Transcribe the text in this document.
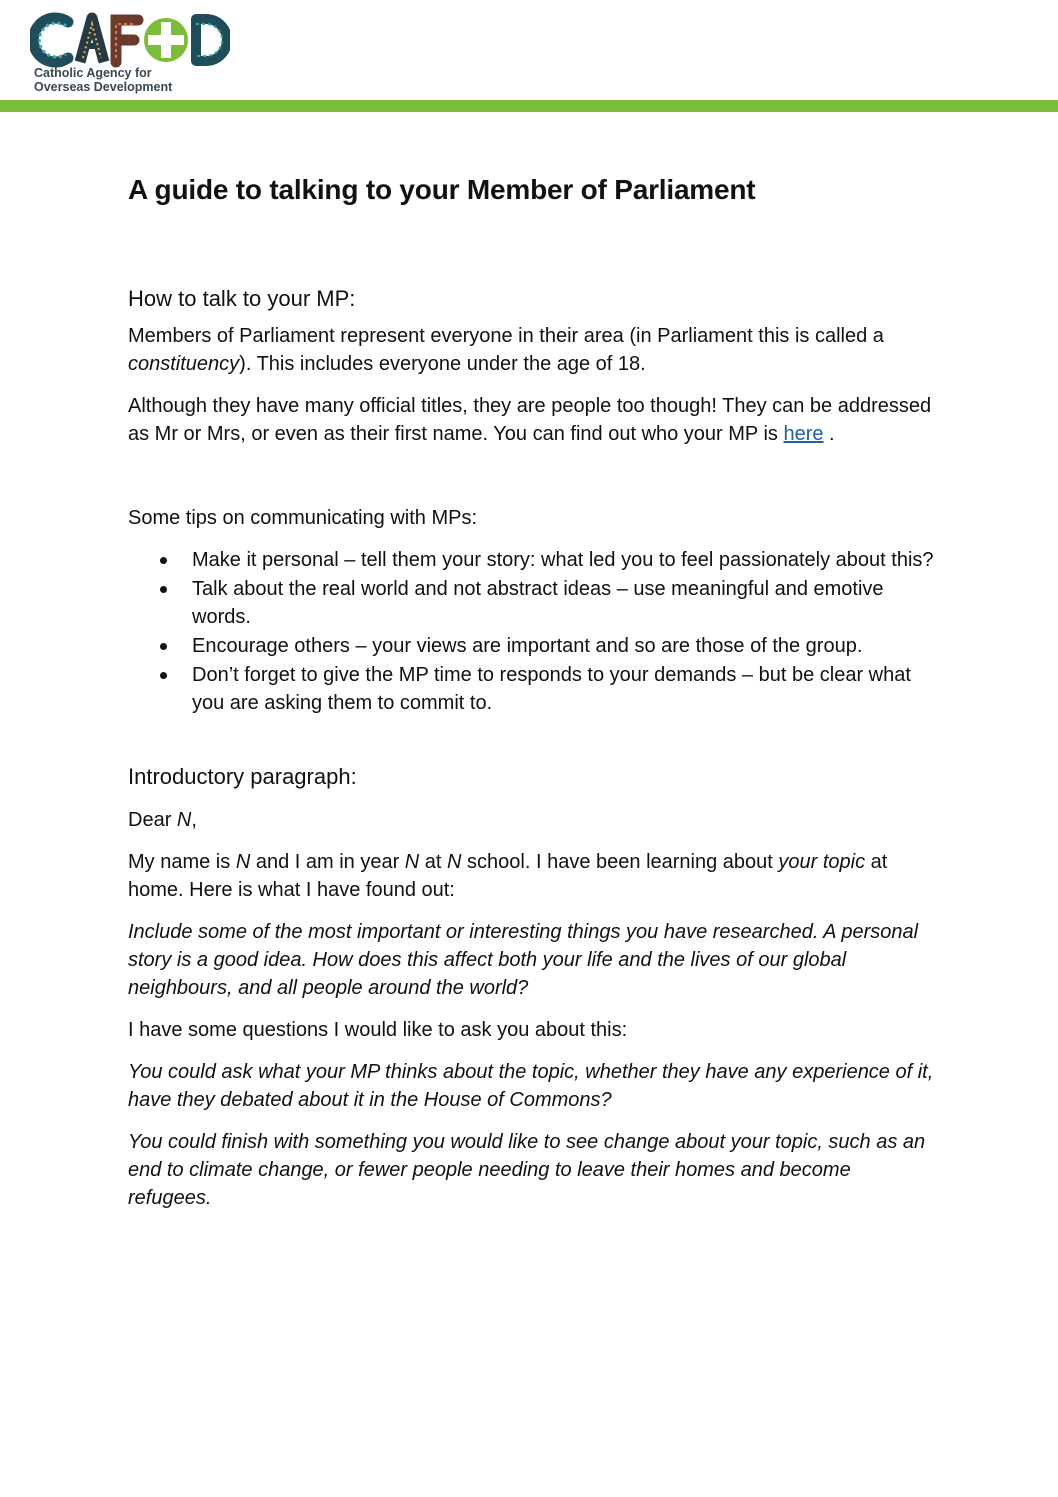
Catholic Agency for
Overseas Development
A guide to talking to your Member of Parliament
How to talk to your MP:

Members of Parliament represent everyone in their area (in Parliament this is called a constituency). This includes everyone under the age of 18.

Although they have many official titles, they are people too though! They can be addressed as Mr or Mrs, or even as their first name. You can find out who your MP is here .

Some tips on communicating with MPs:

Make it personal – tell them your story: what led you to feel passionately about this?
Talk about the real world and not abstract ideas – use meaningful and emotive words.
Encourage others – your views are important and so are those of the group.
Don’t forget to give the MP time to responds to your demands – but be clear what you are asking them to commit to.
Introductory paragraph:

Dear N,

My name is N and I am in year N at N school. I have been learning about your topic at home. Here is what I have found out:

Include some of the most important or interesting things you have researched. A personal story is a good idea. How does this affect both your life and the lives of our global neighbours, and all people around the world?

I have some questions I would like to ask you about this:

You could ask what your MP thinks about the topic, whether they have any experience of it, have they debated about it in the House of Commons?

You could finish with something you would like to see change about your topic, such as an end to climate change, or fewer people needing to leave their homes and become refugees.
